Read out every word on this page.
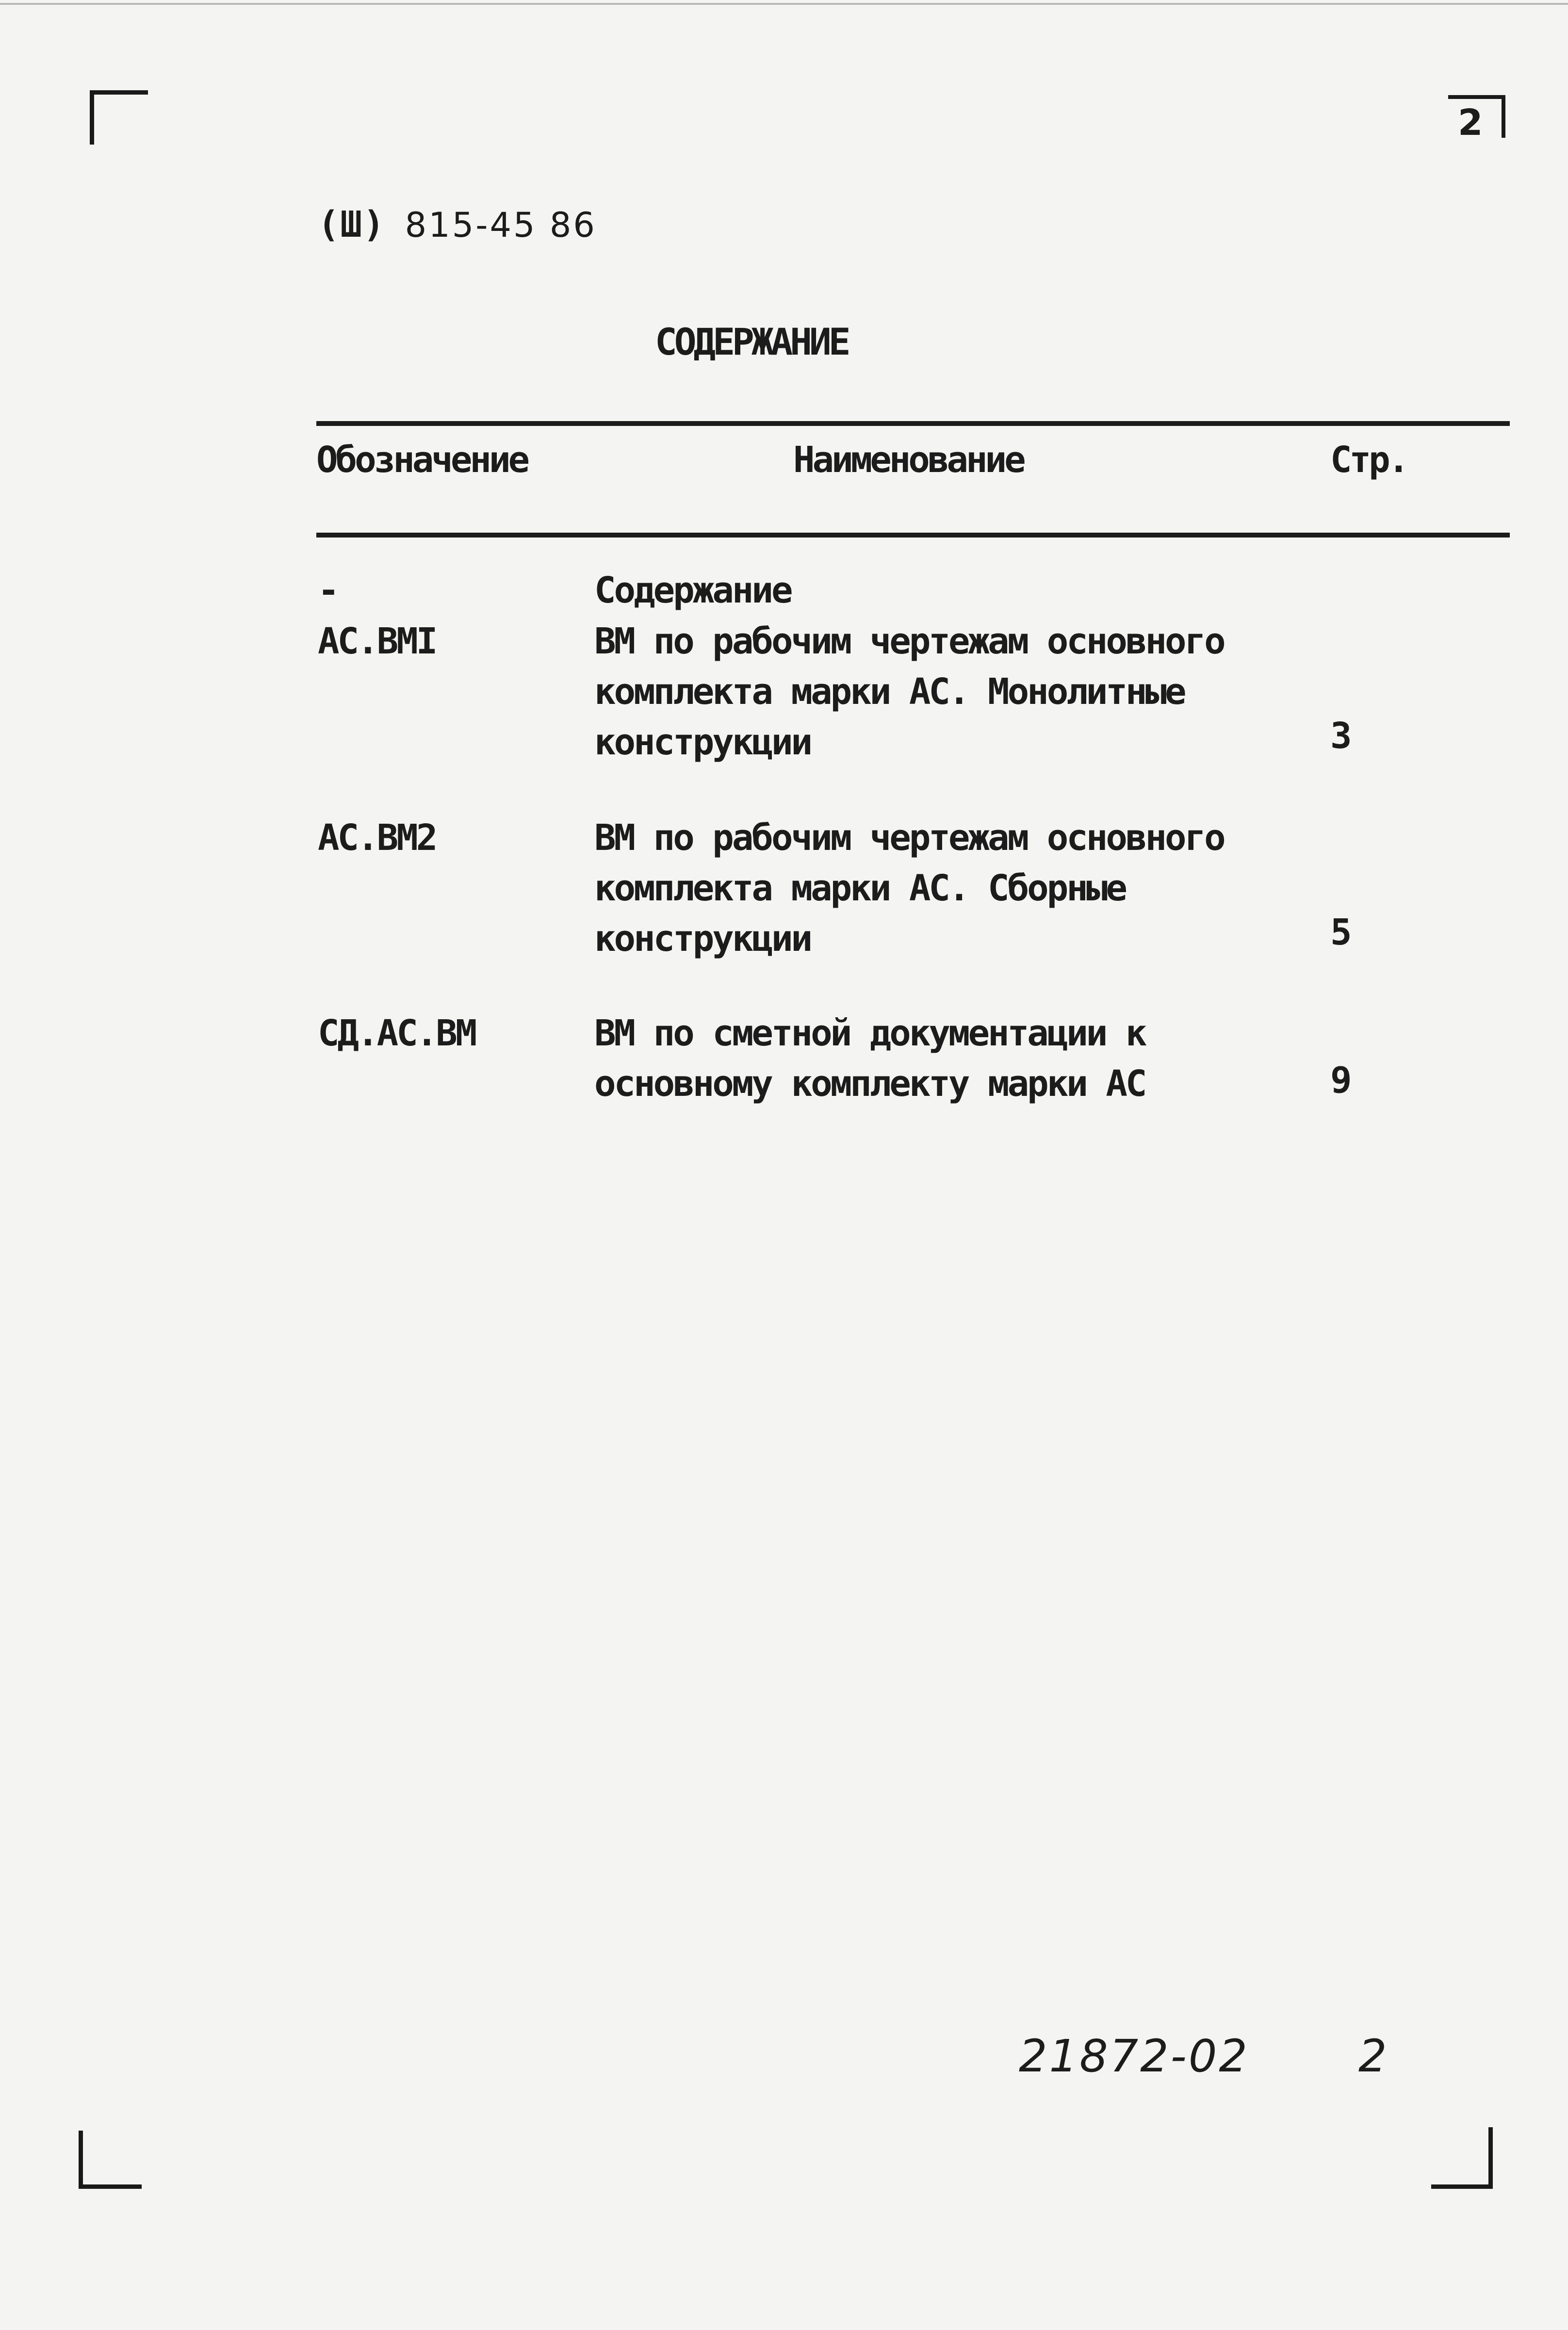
2
(Ш) 815-45 86
СОДЕРЖАНИЕ
Обозначение	Наименование	Стр.
-	Содержание
АС.ВМI	ВМ по рабочим чертежам основного
комплекта марки АС. Монолитные
конструкции	3
АС.ВМ2	ВМ по рабочим чертежам основного
комплекта марки АС. Сборные
конструкции	5
СД.АС.ВМ	ВМ по сметной документации к
основному комплекту марки АС	9
21872-02 2
